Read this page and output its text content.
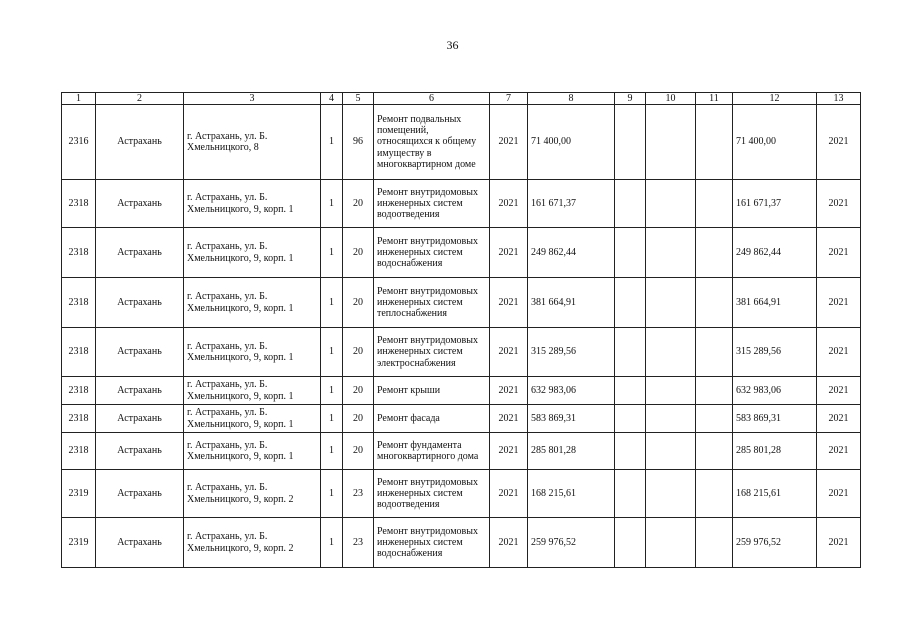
36
1	2	3	4	5	6	7	8	9	10	11	12	13
2316	Астрахань	г. Астрахань, ул. Б. Хмельницкого, 8	1	96	Ремонт подвальных помещений, относящихся к общему имуществу в многоквартирном доме	2021	71 400,00				71 400,00	2021
2318	Астрахань	г. Астрахань, ул. Б. Хмельницкого, 9, корп. 1	1	20	Ремонт внутридомовых инженерных систем водоотведения	2021	161 671,37				161 671,37	2021
2318	Астрахань	г. Астрахань, ул. Б. Хмельницкого, 9, корп. 1	1	20	Ремонт внутридомовых инженерных систем водоснабжения	2021	249 862,44				249 862,44	2021
2318	Астрахань	г. Астрахань, ул. Б. Хмельницкого, 9, корп. 1	1	20	Ремонт внутридомовых инженерных систем теплоснабжения	2021	381 664,91				381 664,91	2021
2318	Астрахань	г. Астрахань, ул. Б. Хмельницкого, 9, корп. 1	1	20	Ремонт внутридомовых инженерных систем электроснабжения	2021	315 289,56				315 289,56	2021
2318	Астрахань	г. Астрахань, ул. Б. Хмельницкого, 9, корп. 1	1	20	Ремонт крыши	2021	632 983,06				632 983,06	2021
2318	Астрахань	г. Астрахань, ул. Б. Хмельницкого, 9, корп. 1	1	20	Ремонт фасада	2021	583 869,31				583 869,31	2021
2318	Астрахань	г. Астрахань, ул. Б. Хмельницкого, 9, корп. 1	1	20	Ремонт фундамента многоквартирного дома	2021	285 801,28				285 801,28	2021
2319	Астрахань	г. Астрахань, ул. Б. Хмельницкого, 9, корп. 2	1	23	Ремонт внутридомовых инженерных систем водоотведения	2021	168 215,61				168 215,61	2021
2319	Астрахань	г. Астрахань, ул. Б. Хмельницкого, 9, корп. 2	1	23	Ремонт внутридомовых инженерных систем водоснабжения	2021	259 976,52				259 976,52	2021
